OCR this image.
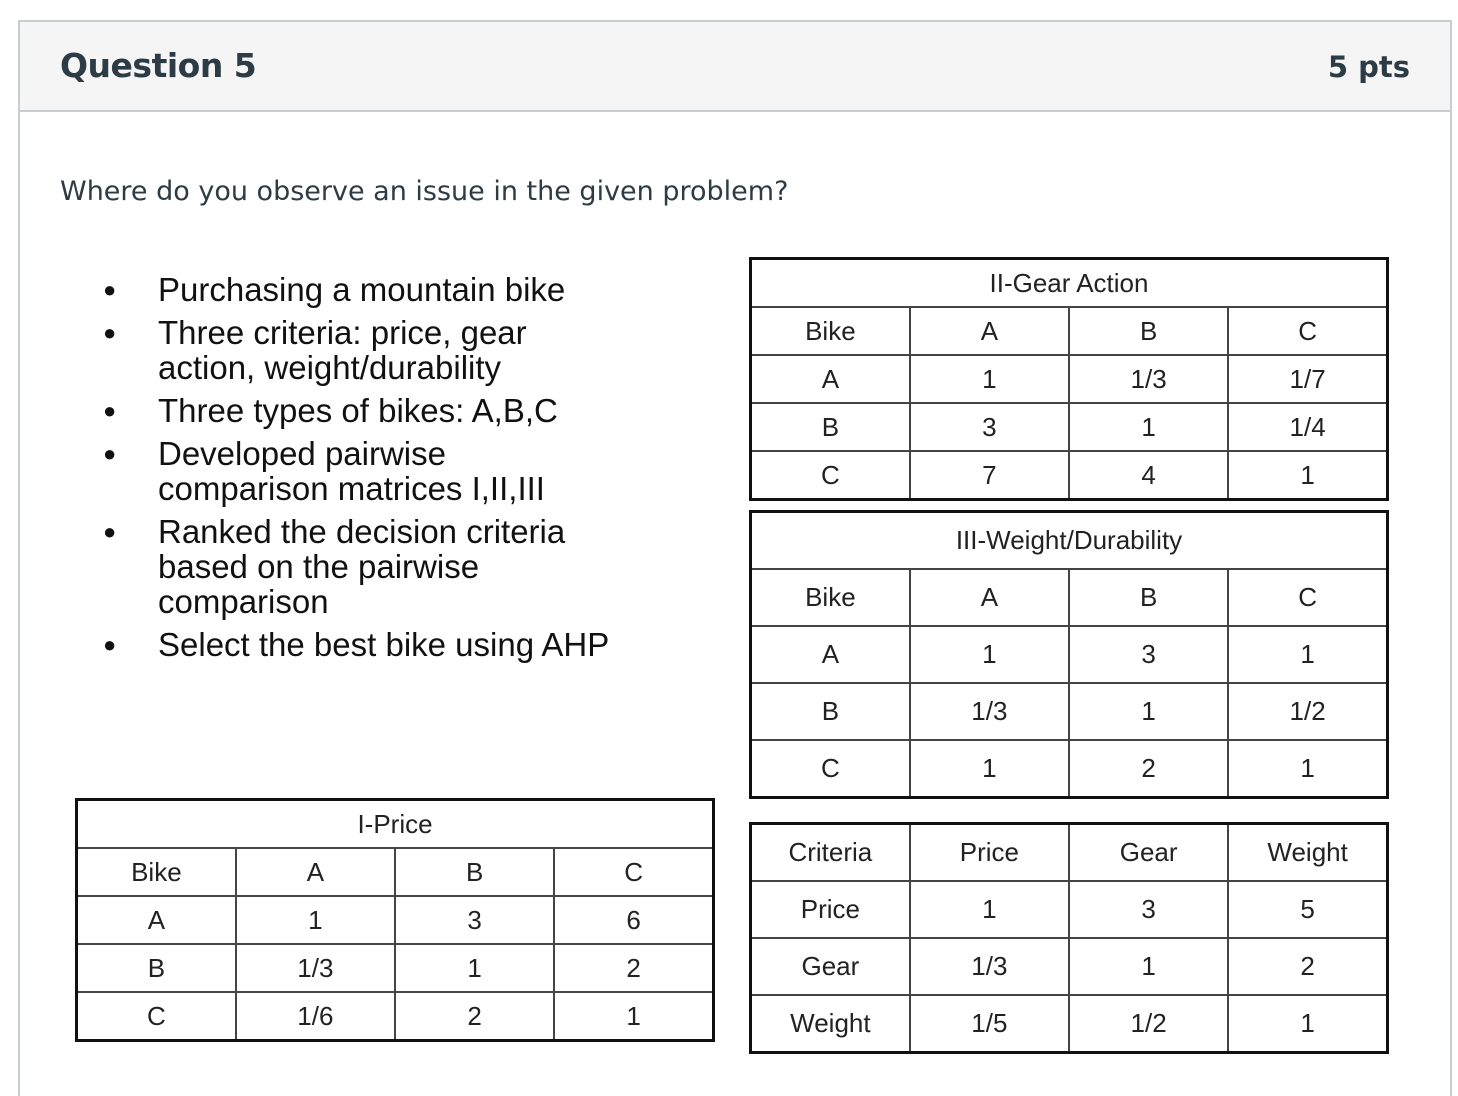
Question 5	5 pts
Where do you observe an issue in the given problem?
● Purchasing a mountain bike
● Three criteria: price, gear action, weight/durability
● Three types of bikes: A,B,C
● Developed pairwise comparison matrices I,II,III
● Ranked the decision criteria based on the pairwise comparison
● Select the best bike using AHP
II-Gear Action			
Bike	A	B	C
A	1	1/3	1/7
B	3	1	1/4
C	7	4	1
III-Weight/Durability			
Bike	A	B	C
A	1	3	1
B	1/3	1	1/2
C	1	2	1
I-Price			
Bike	A	B	C
A	1	3	6
B	1/3	1	2
C	1/6	2	1
Criteria	Price	Gear	Weight
Price	1	3	5
Gear	1/3	1	2
Weight	1/5	1/2	1
